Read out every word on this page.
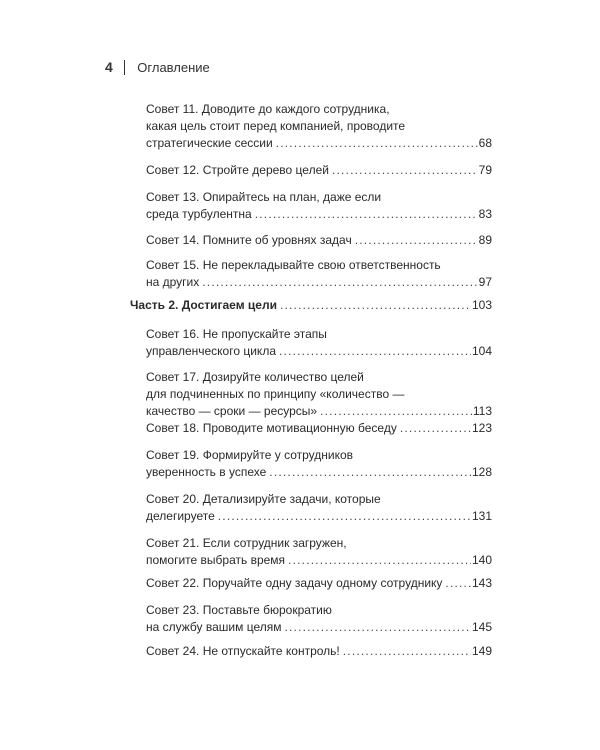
4 Оглавление
Совет 11. Доводите до каждого сотрудника,
какая цель стоит перед компанией, проводите
стратегические сессии .....	68
Совет 12. Стройте дерево целей .....	79
Совет 13. Опирайтесь на план, даже если
среда турбулентна .....	83
Совет 14. Помните об уровнях задач .....	89
Совет 15. Не перекладывайте свою ответственность
на других .....	97
Часть 2. Достигаем цели .....	103
Совет 16. Не пропускайте этапы
управленческого цикла .....	104
Совет 17. Дозируйте количество целей
для подчиненных по принципу «количество —
качество — сроки — ресурсы» .....	113
Совет 18. Проводите мотивационную беседу .....	123
Совет 19. Формируйте у сотрудников
уверенность в успехе .....	128
Совет 20. Детализируйте задачи, которые
делегируете .....	131
Совет 21. Если сотрудник загружен,
помогите выбрать время .....	140
Совет 22. Поручайте одну задачу одному сотруднику ..... 143
Совет 23. Поставьте бюрократию
на службу вашим целям .....	145
Совет 24. Не отпускайте контроль! .....	149
